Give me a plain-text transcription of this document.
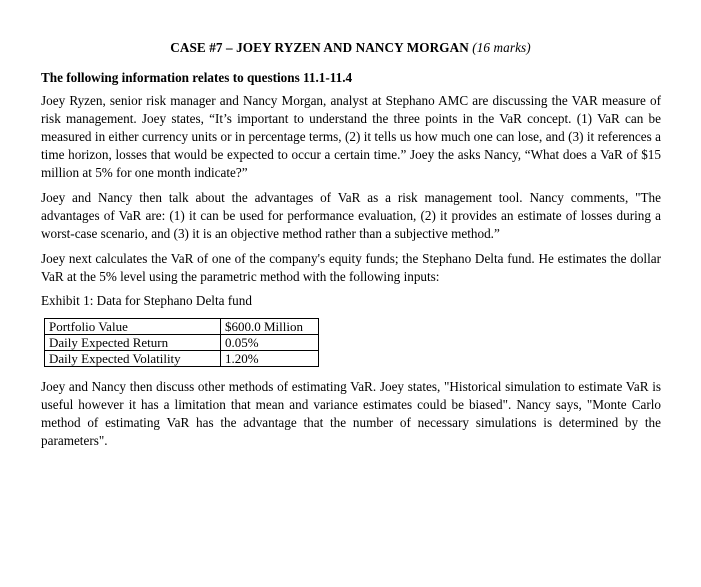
CASE #7 – JOEY RYZEN AND NANCY MORGAN (16 marks)
The following information relates to questions 11.1-11.4

Joey Ryzen, senior risk manager and Nancy Morgan, analyst at Stephano AMC are discussing the VAR measure of risk management. Joey states, “It’s important to understand the three points in the VaR concept. (1) VaR can be measured in either currency units or in percentage terms, (2) it tells us how much one can lose, and (3) it references a time horizon, losses that would be expected to occur a certain time.” Joey the asks Nancy, “What does a VaR of $15 million at 5% for one month indicate?”

Joey and Nancy then talk about the advantages of VaR as a risk management tool. Nancy comments, "The advantages of VaR are: (1) it can be used for performance evaluation, (2) it provides an estimate of losses during a worst-case scenario, and (3) it is an objective method rather than a subjective method.”

Joey next calculates the VaR of one of the company's equity funds; the Stephano Delta fund. He estimates the dollar VaR at the 5% level using the parametric method with the following inputs:

Exhibit 1: Data for Stephano Delta fund
Portfolio Value	$600.0 Million
Daily Expected Return	0.05%
Daily Expected Volatility	1.20%

Joey and Nancy then discuss other methods of estimating VaR. Joey states, "Historical simulation to estimate VaR is useful however it has a limitation that mean and variance estimates could be biased". Nancy says, "Monte Carlo method of estimating VaR has the advantage that the number of necessary simulations is determined by the parameters".
